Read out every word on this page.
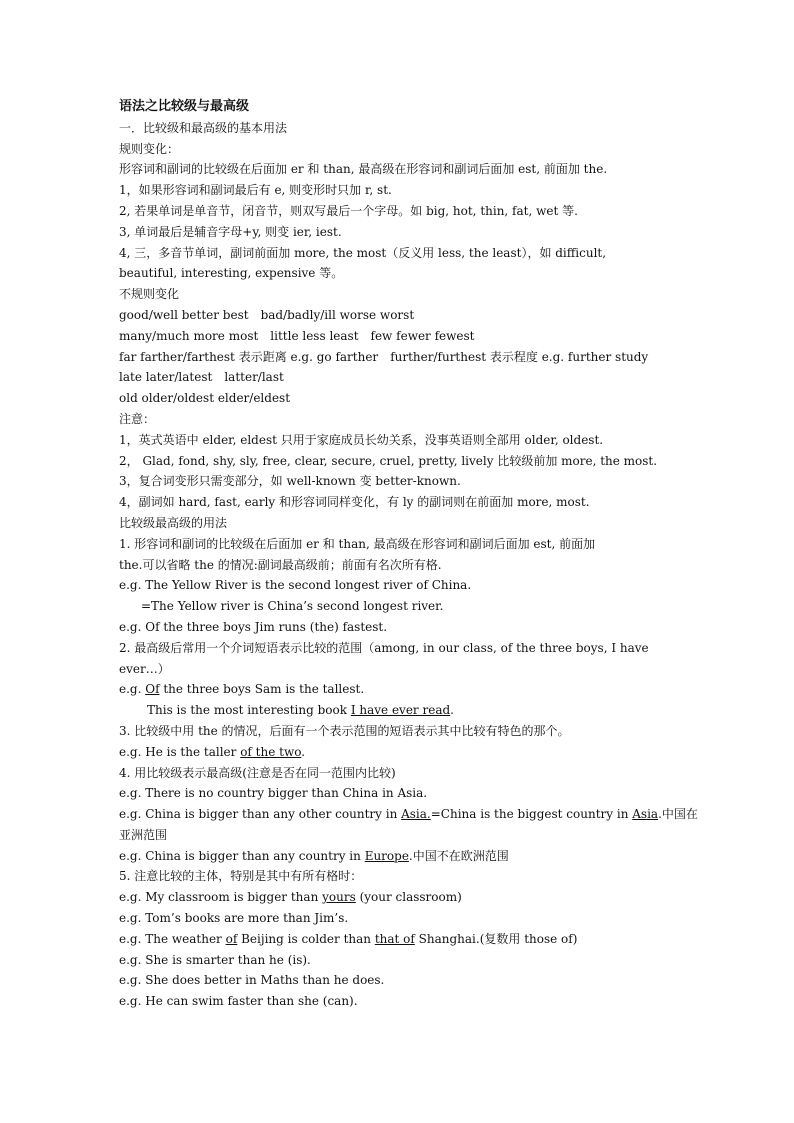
语法之比较级与最高级
一．比较级和最高级的基本用法
规则变化：
形容词和副词的比较级在后面加 er 和 than, 最高级在形容词和副词后面加 est, 前面加 the.
1，如果形容词和副词最后有 e, 则变形时只加 r, st.
2, 若果单词是单音节，闭音节，则双写最后一个字母。如 big, hot, thin, fat, wet 等.
3, 单词最后是辅音字母+y, 则变 ier, iest.
4, 三，多音节单词，副词前面加 more, the most（反义用 less, the least），如 difficult,
beautiful, interesting, expensive 等。
不规则变化
good/well better best bad/badly/ill worse worst
many/much more most little less least few fewer fewest
far farther/farthest 表示距离 e.g. go farther further/furthest 表示程度 e.g. further study
late later/latest latter/last
old older/oldest elder/eldest
注意：
1，英式英语中 elder, eldest 只用于家庭成员长幼关系，没事英语则全部用 older, oldest.
2， Glad, fond, shy, sly, free, clear, secure, cruel, pretty, lively 比较级前加 more, the most.
3，复合词变形只需变部分，如 well-known 变 better-known.
4，副词如 hard, fast, early 和形容词同样变化，有 ly 的副词则在前面加 more, most.
比较级最高级的用法
1. 形容词和副词的比较级在后面加 er 和 than, 最高级在形容词和副词后面加 est, 前面加
the.可以省略 the 的情况:副词最高级前；前面有名次所有格.
e.g. The Yellow River is the second longest river of China.
=The Yellow river is China’s second longest river.
e.g. Of the three boys Jim runs (the) fastest.
2. 最高级后常用一个介词短语表示比较的范围（among, in our class, of the three boys, I have
ever…）
e.g. Of the three boys Sam is the tallest.
This is the most interesting book I have ever read.
3. 比较级中用 the 的情况，后面有一个表示范围的短语表示其中比较有特色的那个。
e.g. He is the taller of the two.
4. 用比较级表示最高级(注意是否在同一范围内比较)
e.g. There is no country bigger than China in Asia.
e.g. China is bigger than any other country in Asia.=China is the biggest country in Asia.中国在
亚洲范围
e.g. China is bigger than any country in Europe.中国不在欧洲范围
5. 注意比较的主体，特别是其中有所有格时：
e.g. My classroom is bigger than yours (your classroom)
e.g. Tom’s books are more than Jim’s.
e.g. The weather of Beijing is colder than that of Shanghai.(复数用 those of)
e.g. She is smarter than he (is).
e.g. She does better in Maths than he does.
e.g. He can swim faster than she (can).
